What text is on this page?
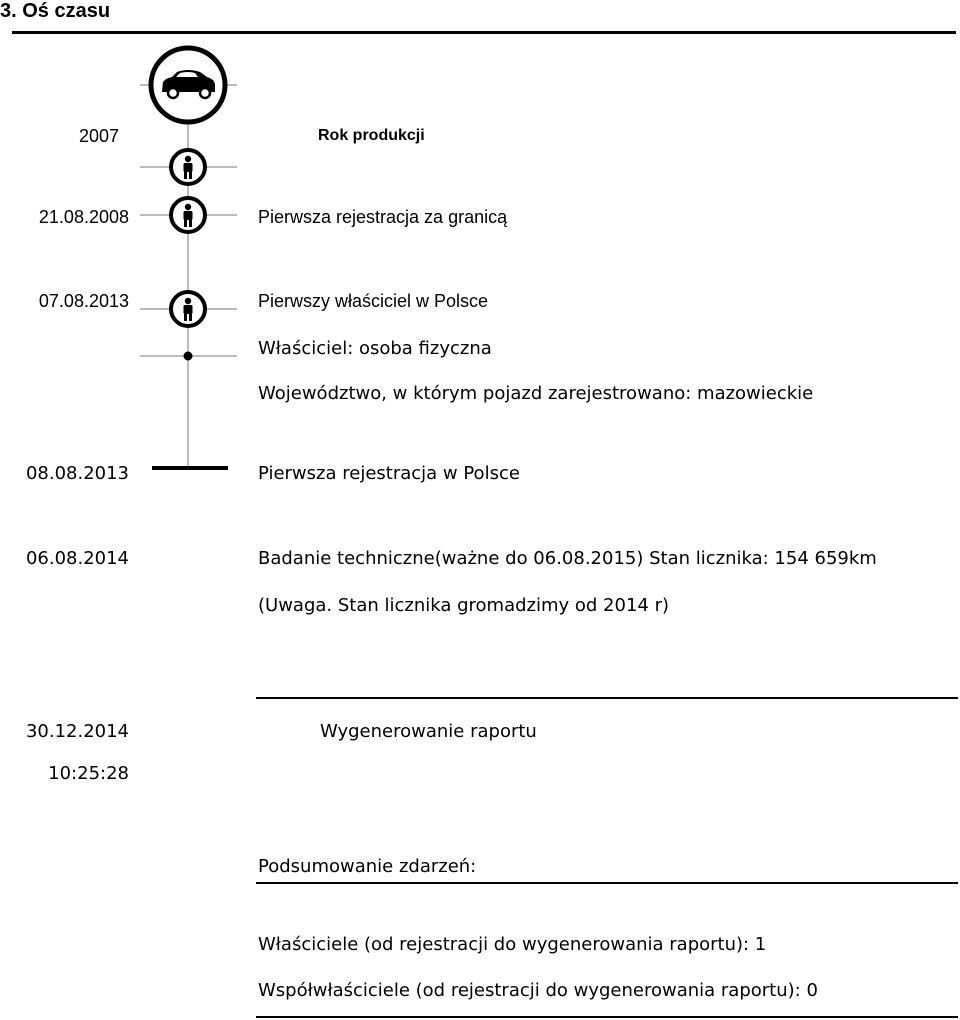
3. Oś czasu
2007	Rok produkcji
21.08.2008	Pierwsza rejestracja za granicą
07.08.2013	Pierwszy właściciel w Polsce
Właściciel: osoba fizyczna
Województwo, w którym pojazd zarejestrowano: mazowieckie
08.08.2013	Pierwsza rejestracja w Polsce
06.08.2014	Badanie techniczne(ważne do 06.08.2015) Stan licznika: 154 659km
(Uwaga. Stan licznika gromadzimy od 2014 r)
30.12.2014	Wygenerowanie raportu
10:25:28
Podsumowanie zdarzeń:
Właściciele (od rejestracji do wygenerowania raportu): 1
Współwłaściciele (od rejestracji do wygenerowania raportu): 0
